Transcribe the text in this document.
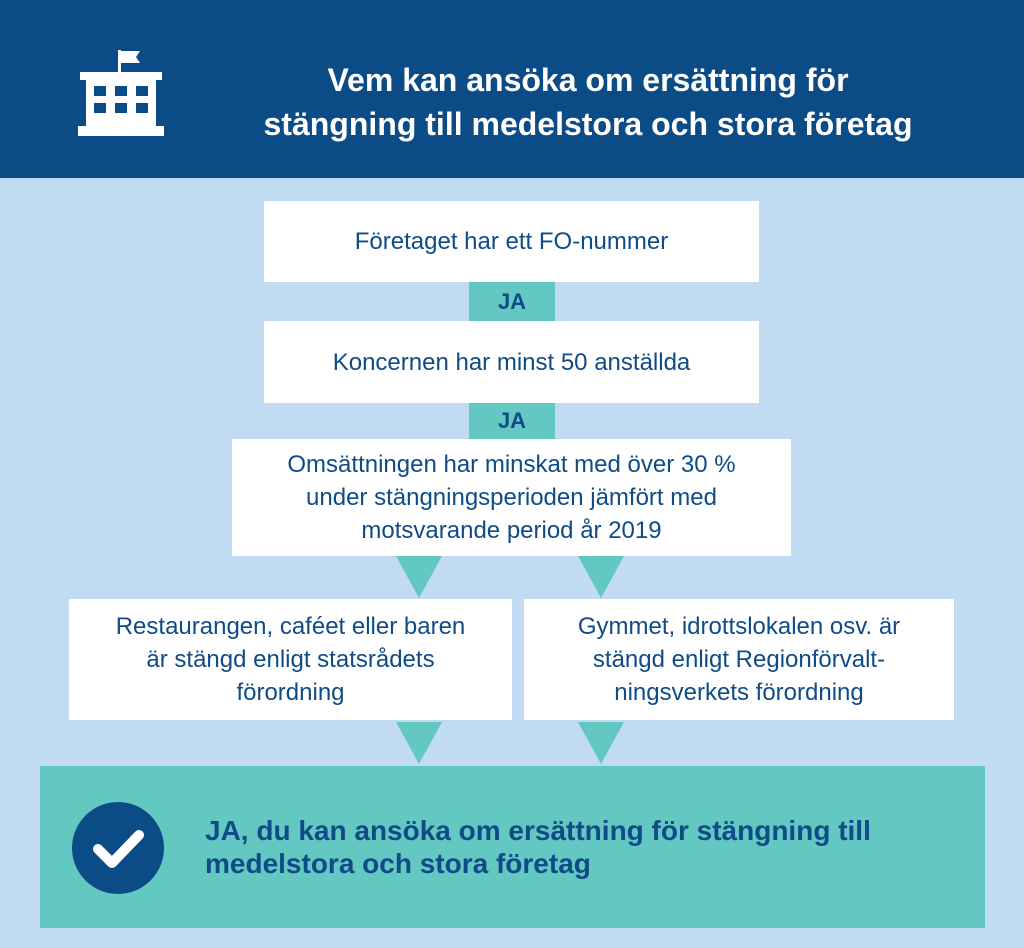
Vem kan ansöka om ersättning för
stängning till medelstora och stora företag
Företaget har ett FO-nummer
JA
Koncernen har minst 50 anställda
JA
Omsättningen har minskat med över 30 %
under stängningsperioden jämfört med
motsvarande period år 2019
Restaurangen, caféet eller baren
är stängd enligt statsrådets
förordning
Gymmet, idrottslokalen osv. är
stängd enligt Regionförvalt-
ningsverkets förordning
JA, du kan ansöka om ersättning för stängning till
medelstora och stora företag
